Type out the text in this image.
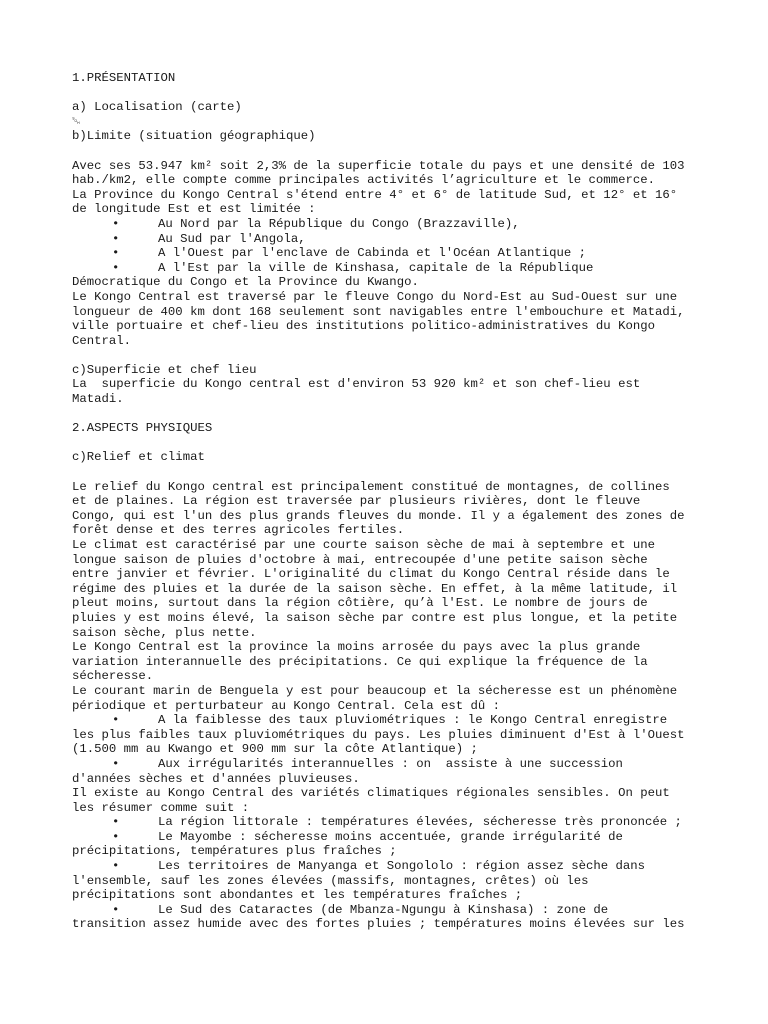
1.PRÉSENTATION
a) Localisation (carte)
␁
b)Limite (situation géographique)
Avec ses 53.947 km² soit 2,3% de la superficie totale du pays et une densité de 103
hab./km2, elle compte comme principales activités l’agriculture et le commerce.
La Province du Kongo Central s'étend entre 4° et 6° de latitude Sud, et 12° et 16°
de longitude Est et est limitée :
•	Au Nord par la République du Congo (Brazzaville),
•	Au Sud par l'Angola,
•	A l'Ouest par l'enclave de Cabinda et l'Océan Atlantique ;
•	A l'Est par la ville de Kinshasa, capitale de la République
Démocratique du Congo et la Province du Kwango.
Le Kongo Central est traversé par le fleuve Congo du Nord-Est au Sud-Ouest sur une
longueur de 400 km dont 168 seulement sont navigables entre l'embouchure et Matadi,
ville portuaire et chef-lieu des institutions politico-administratives du Kongo
Central.
c)Superficie et chef lieu
La  superficie du Kongo central est d'environ 53 920 km² et son chef-lieu est
Matadi.
2.ASPECTS PHYSIQUES
c)Relief et climat
Le relief du Kongo central est principalement constitué de montagnes, de collines
et de plaines. La région est traversée par plusieurs rivières, dont le fleuve
Congo, qui est l'un des plus grands fleuves du monde. Il y a également des zones de
forêt dense et des terres agricoles fertiles.
Le climat est caractérisé par une courte saison sèche de mai à septembre et une
longue saison de pluies d'octobre à mai, entrecoupée d'une petite saison sèche
entre janvier et février. L'originalité du climat du Kongo Central réside dans le
régime des pluies et la durée de la saison sèche. En effet, à la même latitude, il
pleut moins, surtout dans la région côtière, qu’à l'Est. Le nombre de jours de
pluies y est moins élevé, la saison sèche par contre est plus longue, et la petite
saison sèche, plus nette.
Le Kongo Central est la province la moins arrosée du pays avec la plus grande
variation interannuelle des précipitations. Ce qui explique la fréquence de la
sécheresse.
Le courant marin de Benguela y est pour beaucoup et la sécheresse est un phénomène
périodique et perturbateur au Kongo Central. Cela est dû :
•	A la faiblesse des taux pluviométriques : le Kongo Central enregistre
les plus faibles taux pluviométriques du pays. Les pluies diminuent d'Est à l'Ouest
(1.500 mm au Kwango et 900 mm sur la côte Atlantique) ;
•	Aux irrégularités interannuelles : on  assiste à une succession
d'années sèches et d'années pluvieuses.
Il existe au Kongo Central des variétés climatiques régionales sensibles. On peut
les résumer comme suit :
•	La région littorale : températures élevées, sécheresse très prononcée ;
•	Le Mayombe : sécheresse moins accentuée, grande irrégularité de
précipitations, températures plus fraîches ;
•	Les territoires de Manyanga et Songololo : région assez sèche dans
l'ensemble, sauf les zones élevées (massifs, montagnes, crêtes) où les
précipitations sont abondantes et les températures fraîches ;
•	Le Sud des Cataractes (de Mbanza-Ngungu à Kinshasa) : zone de
transition assez humide avec des fortes pluies ; températures moins élevées sur les
